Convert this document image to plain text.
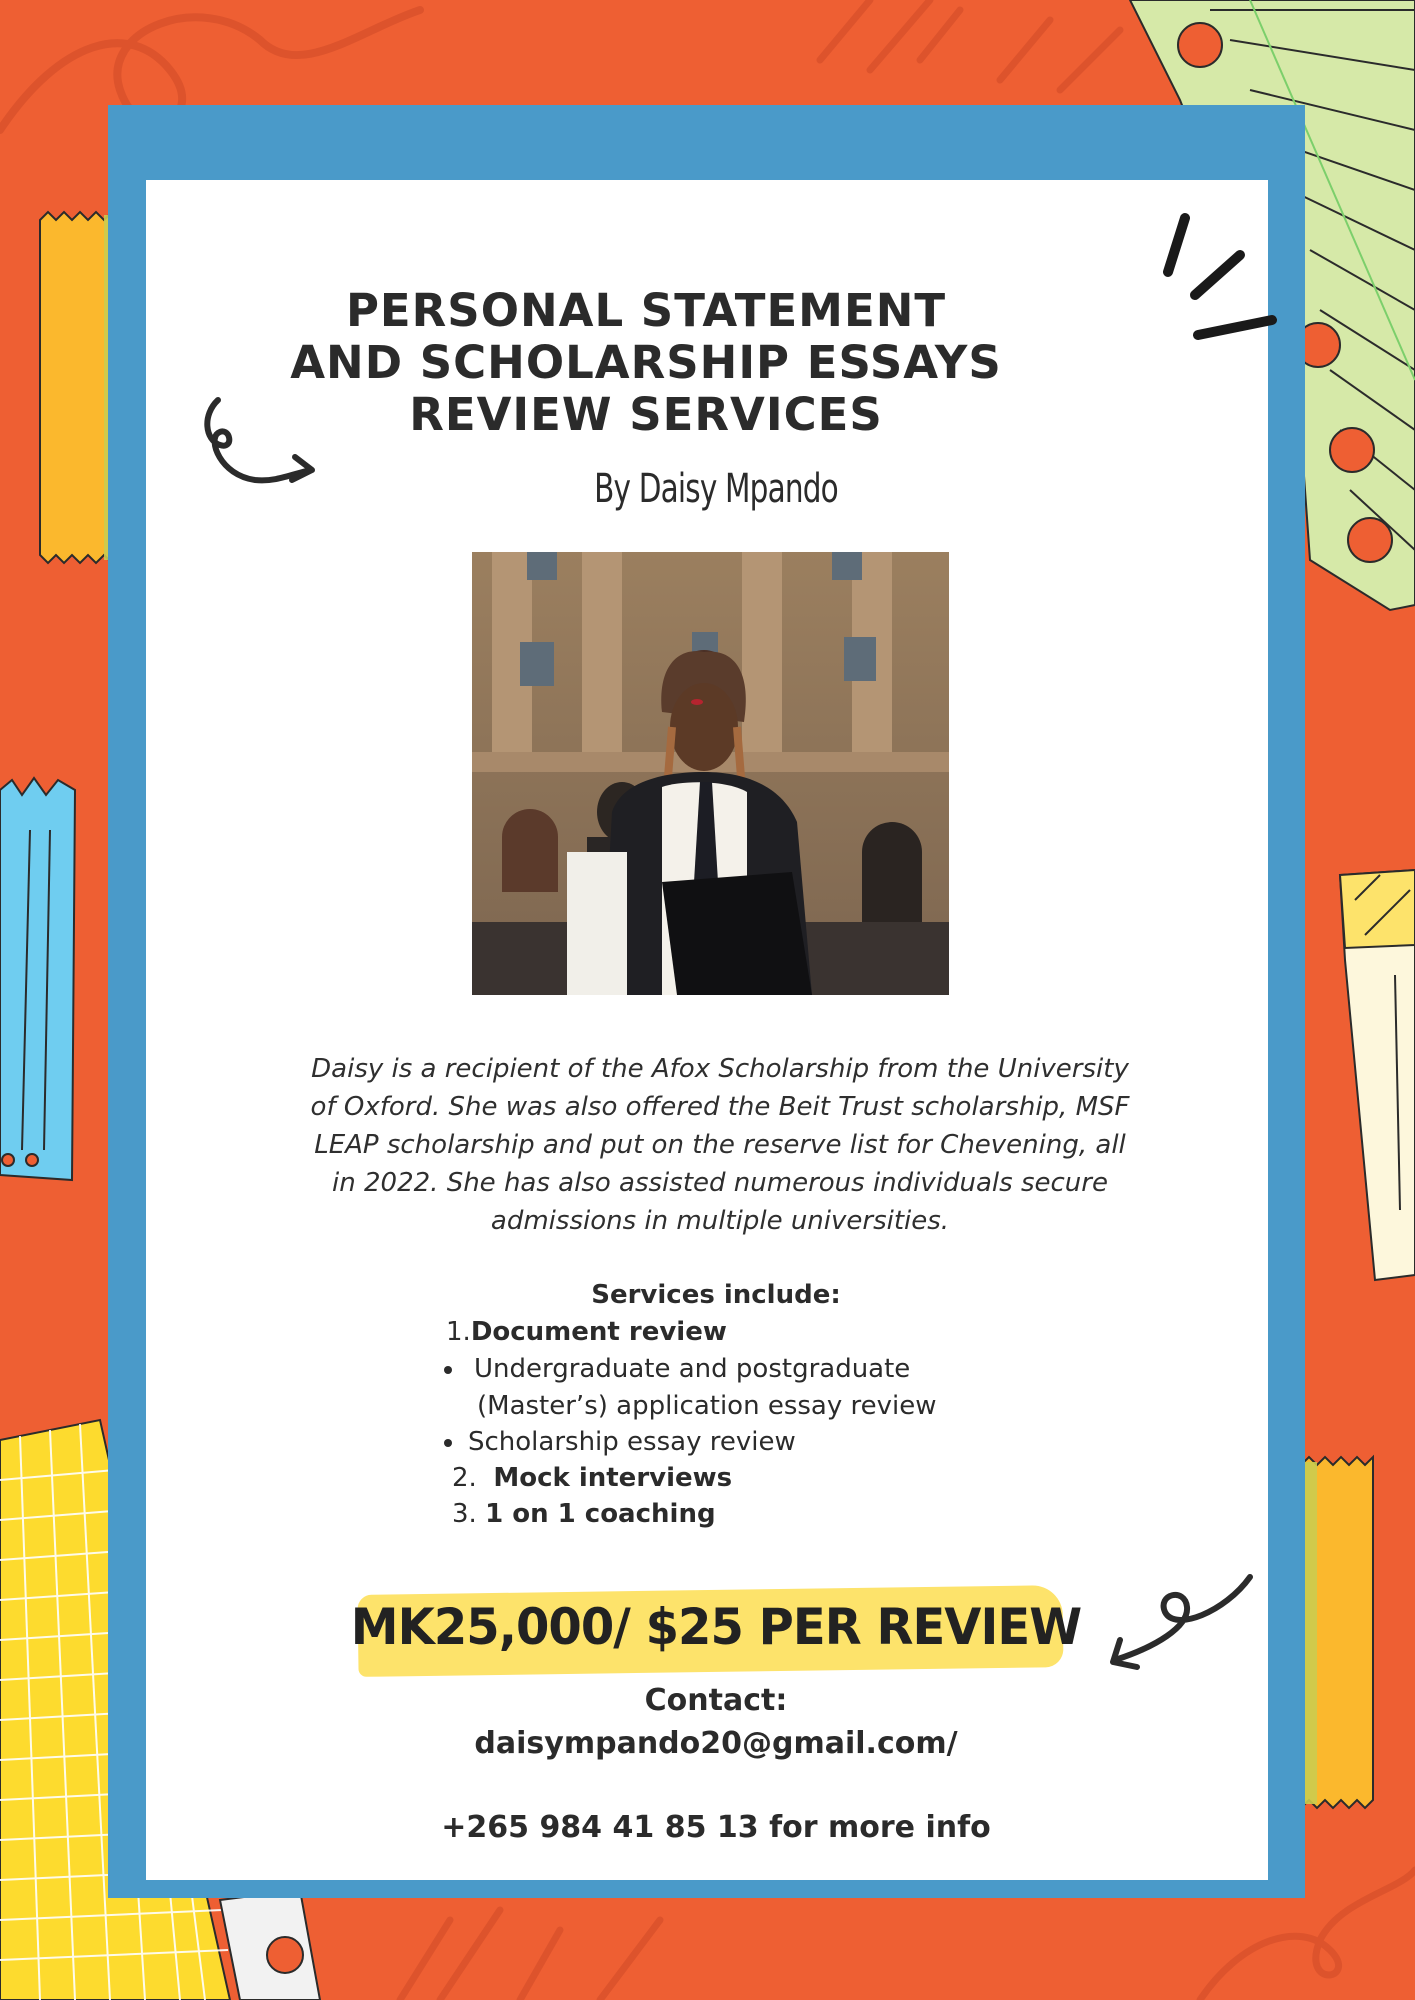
PERSONAL STATEMENT
AND SCHOLARSHIP ESSAYS
REVIEW SERVICES
By Daisy Mpando
Daisy is a recipient of the Afox Scholarship from the University of Oxford. She was also offered the Beit Trust scholarship, MSF LEAP scholarship and put on the reserve list for Chevening, all in 2022. She has also assisted numerous individuals secure admissions in multiple universities.
Services include:
1.Document review
Undergraduate and postgraduate
(Master’s) application essay review
Scholarship essay review
2. Mock interviews
3. 1 on 1 coaching
MK25,000/ $25 PER REVIEW
Contact:
daisympando20@gmail.com/
+265 984 41 85 13 for more info
